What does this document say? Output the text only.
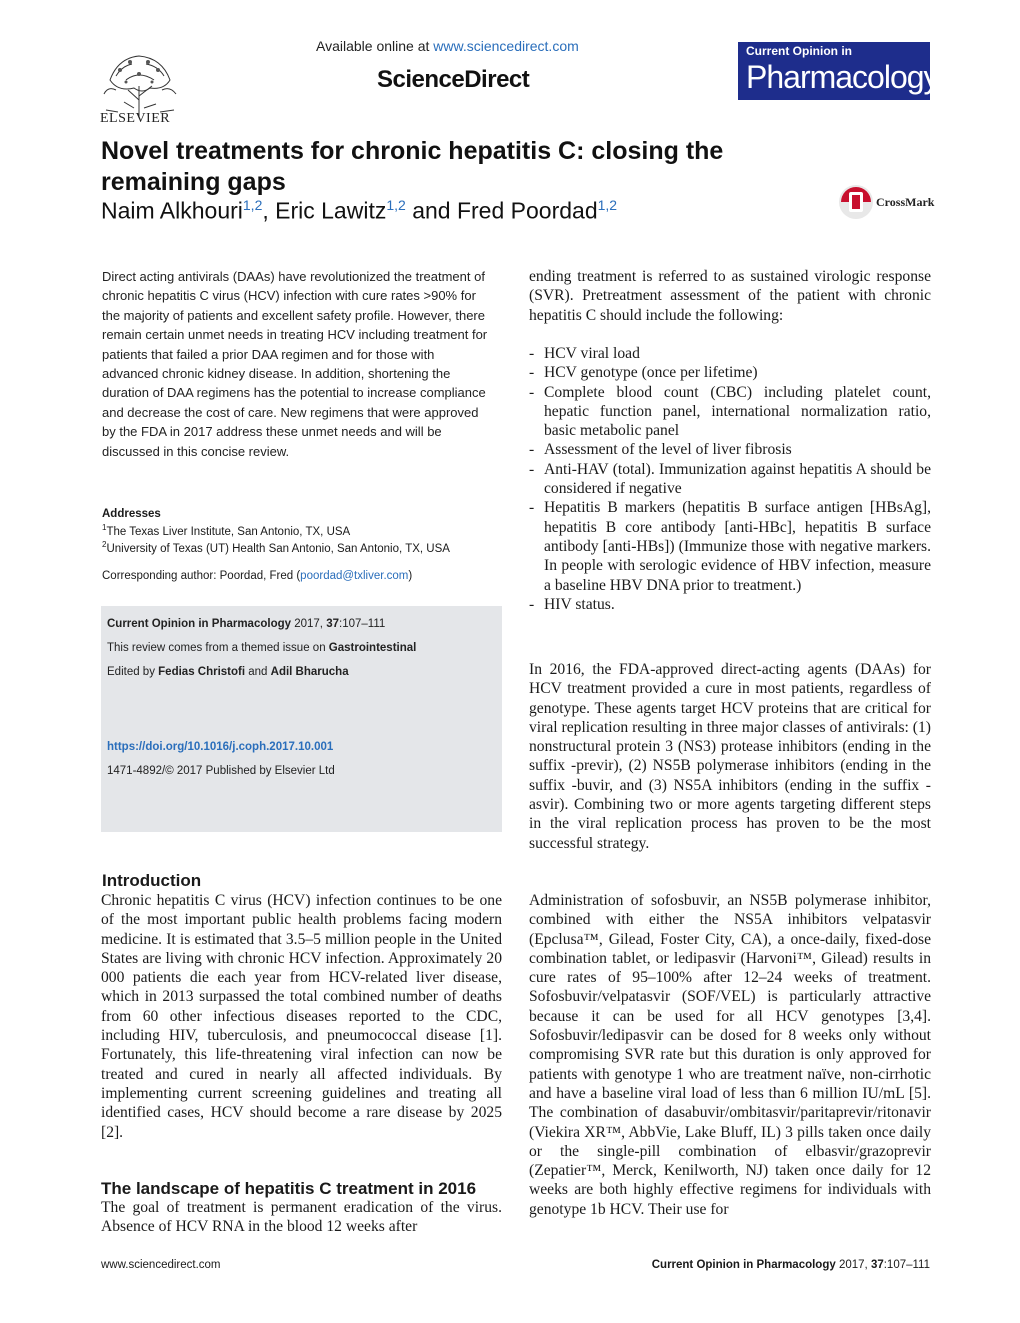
ELSEVIER
Available online at www.sciencedirect.com
ScienceDirect
Current Opinion in
Pharmacology
Novel treatments for chronic hepatitis C: closing the remaining gaps
Naim Alkhouri$^{1,2}$, Eric Lawitz$^{1,2}$ and Fred Poordad$^{1,2}$	CrossMark
Direct acting antivirals (DAAs) have revolutionized the treatment of chronic hepatitis C virus (HCV) infection with cure rates >90% for the majority of patients and excellent safety profile. However, there remain certain unmet needs in treating HCV including treatment for patients that failed a prior DAA regimen and for those with advanced chronic kidney disease. In addition, shortening the duration of DAA regimens has the potential to increase compliance and decrease the cost of care. New regimens that were approved by the FDA in 2017 address these unmet needs and will be discussed in this concise review.
Addresses
$^1$The Texas Liver Institute, San Antonio, TX, USA
$^2$University of Texas (UT) Health San Antonio, San Antonio, TX, USA
Corresponding author: Poordad, Fred (poordad@txliver.com)
Current Opinion in Pharmacology 2017, 37:107–111
This review comes from a themed issue on Gastrointestinal
Edited by Fedias Christofi and Adil Bharucha
https://doi.org/10.1016/j.coph.2017.10.001
1471-4892/© 2017 Published by Elsevier Ltd
Introduction
Chronic hepatitis C virus (HCV) infection continues to be one of the most important public health problems facing modern medicine. It is estimated that 3.5–5 million people in the United States are living with chronic HCV infection. Approximately 20 000 patients die each year from HCV-related liver disease, which in 2013 surpassed the total combined number of deaths from 60 other infectious diseases reported to the CDC, including HIV, tuberculosis, and pneumococcal disease [1]. Fortunately, this life-threatening viral infection can now be treated and cured in nearly all affected individuals. By implementing current screening guidelines and treating all identified cases, HCV should become a rare disease by 2025 [2].
The landscape of hepatitis C treatment in 2016
The goal of treatment is permanent eradication of the virus. Absence of HCV RNA in the blood 12 weeks after
ending treatment is referred to as sustained virologic response (SVR). Pretreatment assessment of the patient with chronic hepatitis C should include the following:
- HCV viral load
- HCV genotype (once per lifetime)
- Complete blood count (CBC) including platelet count, hepatic function panel, international normalization ratio, basic metabolic panel
- Assessment of the level of liver fibrosis
- Anti-HAV (total). Immunization against hepatitis A should be considered if negative
- Hepatitis B markers (hepatitis B surface antigen [HBsAg], hepatitis B core antibody [anti-HBc], hepatitis B surface antibody [anti-HBs]) (Immunize those with negative markers. In people with serologic evidence of HBV infection, measure a baseline HBV DNA prior to treatment.)
- HIV status.
In 2016, the FDA-approved direct-acting agents (DAAs) for HCV treatment provided a cure in most patients, regardless of genotype. These agents target HCV proteins that are critical for viral replication resulting in three major classes of antivirals: (1) nonstructural protein 3 (NS3) protease inhibitors (ending in the suffix -previr), (2) NS5B polymerase inhibitors (ending in the suffix -buvir, and (3) NS5A inhibitors (ending in the suffix -asvir). Combining two or more agents targeting different steps in the viral replication process has proven to be the most successful strategy.
Administration of sofosbuvir, an NS5B polymerase inhibitor, combined with either the NS5A inhibitors velpatasvir (Epclusa™, Gilead, Foster City, CA), a once-daily, fixed-dose combination tablet, or ledipasvir (Harvoni™, Gilead) results in cure rates of 95–100% after 12–24 weeks of treatment. Sofosbuvir/velpatasvir (SOF/VEL) is particularly attractive because it can be used for all HCV genotypes [3,4]. Sofosbuvir/ledipasvir can be dosed for 8 weeks only without compromising SVR rate but this duration is only approved for patients with genotype 1 who are treatment naïve, non-cirrhotic and have a baseline viral load of less than 6 million IU/mL [5]. The combination of dasabuvir/ombitasvir/paritaprevir/ritonavir (Viekira XR™, AbbVie, Lake Bluff, IL) 3 pills taken once daily or the single-pill combination of elbasvir/grazoprevir (Zepatier™, Merck, Kenilworth, NJ) taken once daily for 12 weeks are both highly effective regimens for individuals with genotype 1b HCV. Their use for
www.sciencedirect.com	Current Opinion in Pharmacology 2017, 37:107–111
